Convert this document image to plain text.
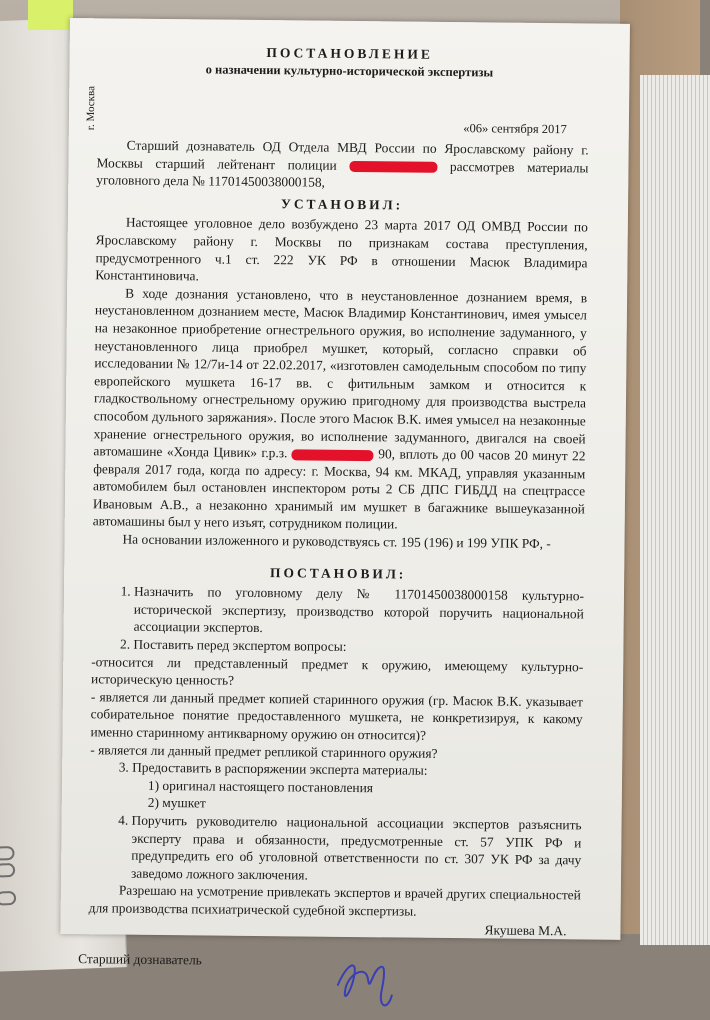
ПОСТАНОВЛЕНИЕ
о назначении культурно-исторической экспертизы
г. Москва	«06» сентября 2017

Старший дознаватель ОД Отдела МВД России по Ярославскому району г. Москвы старший лейтенант полиции	рассмотрев материалы уголовного дела № 11701450038000158,

УСТАНОВИЛ:

Настоящее уголовное дело возбуждено 23 марта 2017 ОД ОМВД России по Ярославскому району г. Москвы по признакам состава преступления, предусмотренного ч.1 ст. 222 УК РФ в отношении Масюк Владимира Константиновича.

В ходе дознания установлено, что в неустановленное дознанием время, в неустановленном дознанием месте, Масюк Владимир Константинович, имея умысел на незаконное приобретение огнестрельного оружия, во исполнение задуманного, у неустановленного лица приобрел мушкет, который, согласно справки об исследовании № 12/7и-14 от 22.02.2017, «изготовлен самодельным способом по типу европейского мушкета 16-17 вв. с фитильным замком и относится к гладкоствольному огнестрельному оружию пригодному для производства выстрела способом дульного заряжания». После этого Масюк В.К. имея умысел на незаконные хранение огнестрельного оружия, во исполнение задуманного, двигался на своей автомашине «Хонда Цивик» г.р.з.	90, вплоть до 00 часов 20 минут 22 февраля 2017 года, когда по адресу: г. Москва, 94 км. МКАД, управляя указанным автомобилем был остановлен инспектором роты 2 СБ ДПС ГИБДД на спецтрассе Ивановым А.В., а незаконно хранимый им мушкет в багажнике вышеуказанной автомашины был у него изъят, сотрудником полиции.

На основании изложенного и руководствуясь ст. 195 (196) и 199 УПК РФ, -

ПОСТАНОВИЛ:

1. Назначить по уголовному делу № 11701450038000158 культурно-исторической экспертизу, производство которой поручить национальной ассоциации экспертов.
2. Поставить перед экспертом вопросы:

-относится ли представленный предмет к оружию, имеющему культурно-историческую ценность?

- является ли данный предмет копией старинного оружия (гр. Масюк В.К. указывает собирательное понятие предоставленного мушкета, не конкретизируя, к какому именно старинному антикварному оружию он относится)?

- является ли данный предмет репликой старинного оружия?

3. Предоставить в распоряжении эксперта материалы:
1) оригинал настоящего постановления
2) мушкет
4. Поручить руководителю национальной ассоциации экспертов разъяснить эксперту права и обязанности, предусмотренные ст. 57 УПК РФ и предупредить его об уголовной ответственности по ст. 307 УК РФ за дачу заведомо ложного заключения.

Разрешаю на усмотрение привлекать экспертов и врачей других специальностей для производства психиатрической судебной экспертизы.

Якушева М.А.

Старший дознаватель
